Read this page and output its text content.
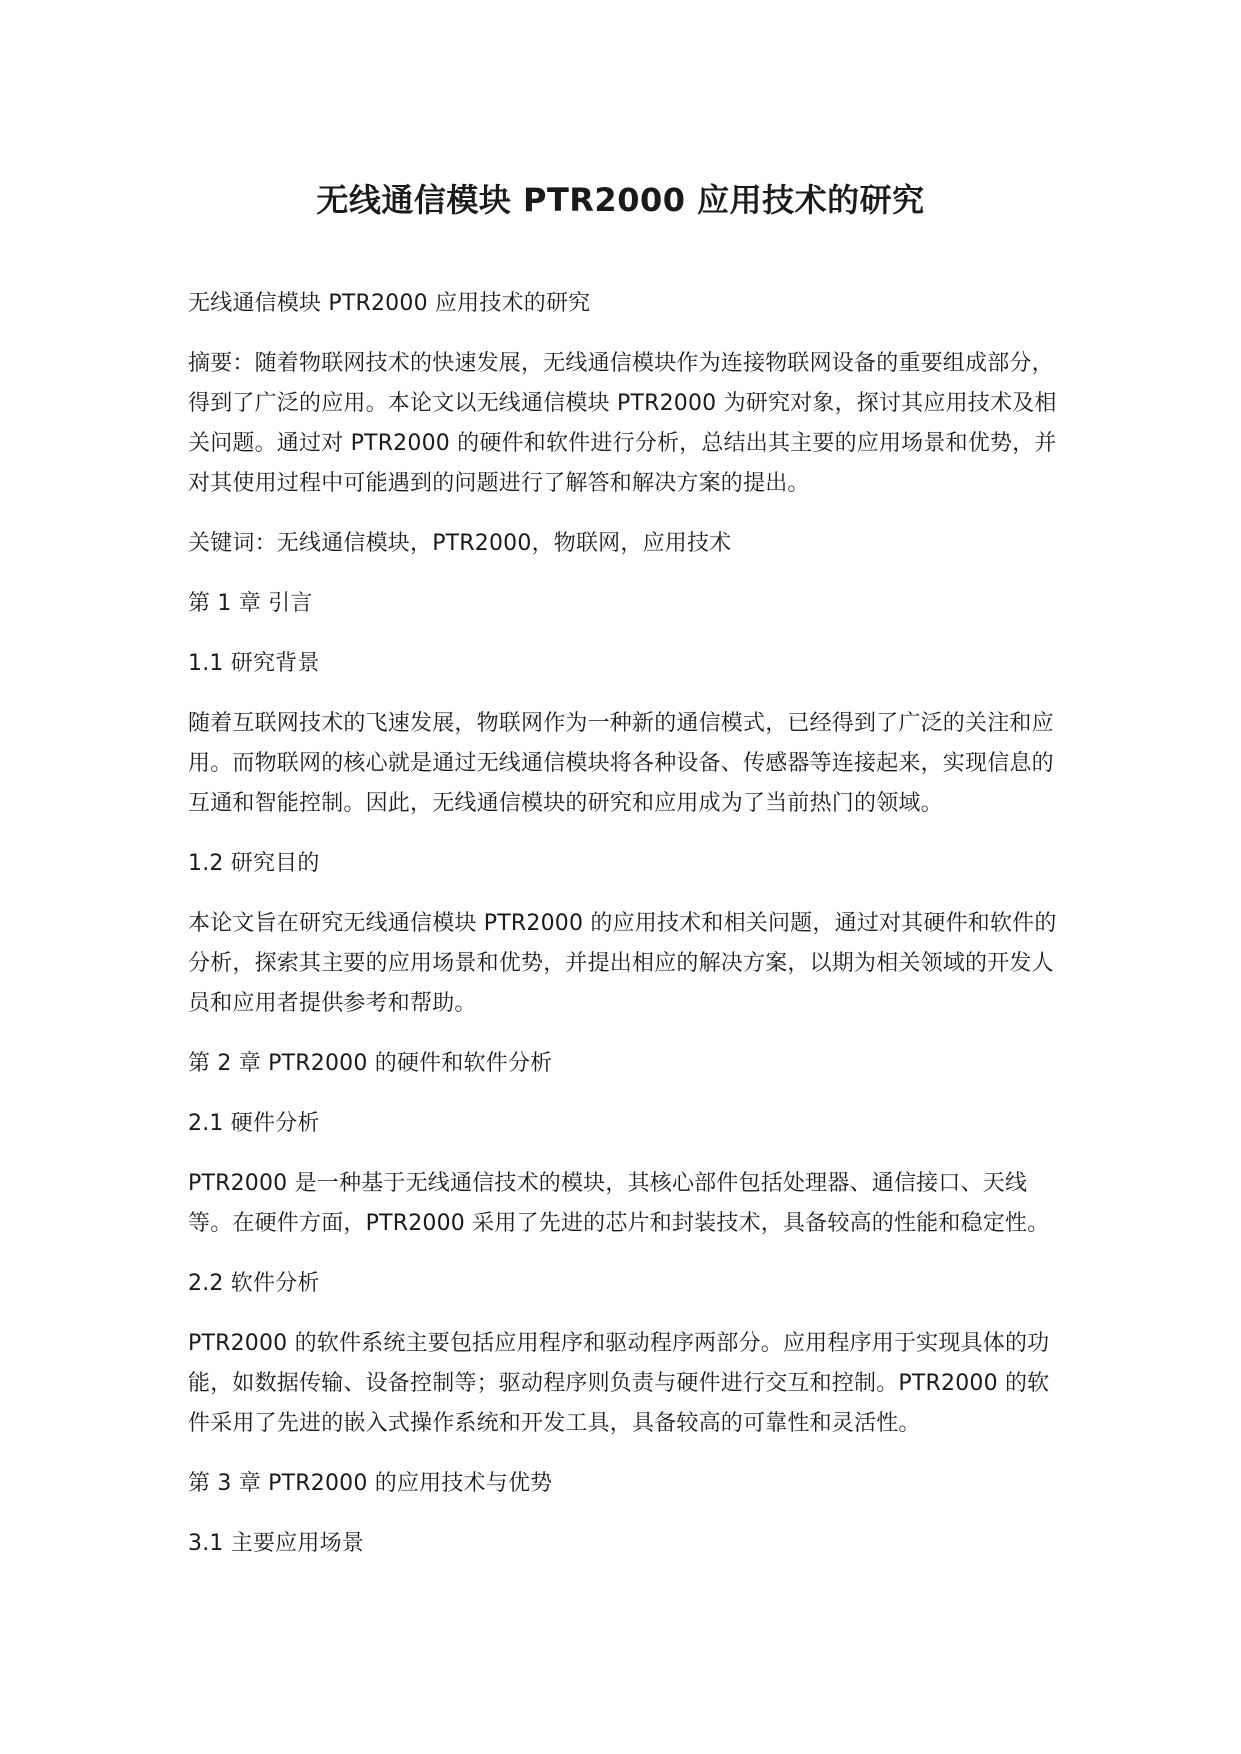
无线通信模块 PTR2000 应用技术的研究

无线通信模块 PTR2000 应用技术的研究

摘要：随着物联网技术的快速发展，无线通信模块作为连接物联网设备的重要组成部分，得到了广泛的应用。本论文以无线通信模块 PTR2000 为研究对象，探讨其应用技术及相关问题。通过对 PTR2000 的硬件和软件进行分析，总结出其主要的应用场景和优势，并对其使用过程中可能遇到的问题进行了解答和解决方案的提出。

关键词：无线通信模块，PTR2000，物联网，应用技术

第 1 章 引言

1.1 研究背景

随着互联网技术的飞速发展，物联网作为一种新的通信模式，已经得到了广泛的关注和应用。而物联网的核心就是通过无线通信模块将各种设备、传感器等连接起来，实现信息的互通和智能控制。因此，无线通信模块的研究和应用成为了当前热门的领域。

1.2 研究目的

本论文旨在研究无线通信模块 PTR2000 的应用技术和相关问题，通过对其硬件和软件的分析，探索其主要的应用场景和优势，并提出相应的解决方案，以期为相关领域的开发人员和应用者提供参考和帮助。

第 2 章 PTR2000 的硬件和软件分析

2.1 硬件分析

PTR2000 是一种基于无线通信技术的模块，其核心部件包括处理器、通信接口、天线等。在硬件方面，PTR2000 采用了先进的芯片和封装技术，具备较高的性能和稳定性。

2.2 软件分析

PTR2000 的软件系统主要包括应用程序和驱动程序两部分。应用程序用于实现具体的功能，如数据传输、设备控制等；驱动程序则负责与硬件进行交互和控制。PTR2000 的软件采用了先进的嵌入式操作系统和开发工具，具备较高的可靠性和灵活性。

第 3 章 PTR2000 的应用技术与优势

3.1 主要应用场景
